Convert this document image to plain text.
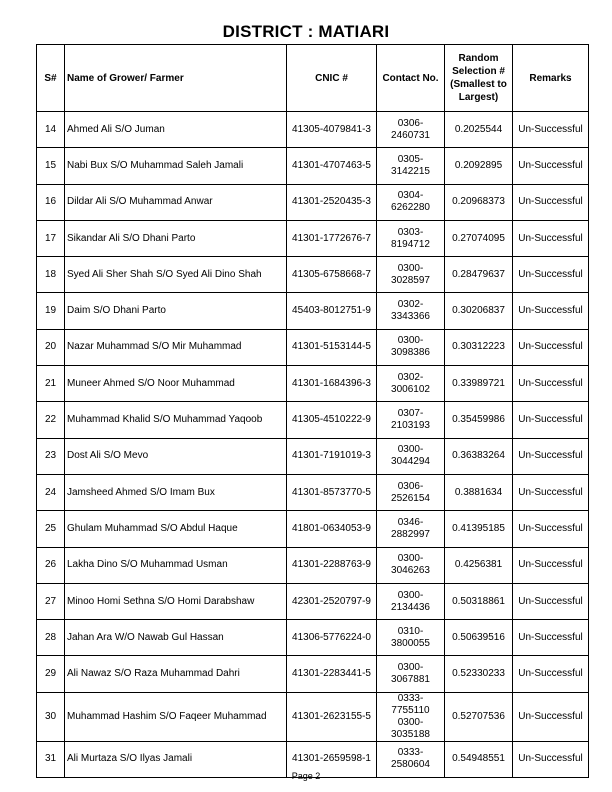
DISTRICT : MATIARI
S#	Name of Grower/ Farmer	CNIC #	Contact No.	Random Selection # (Smallest to Largest)	Remarks
14	Ahmed Ali S/O Juman	41305-4079841-3	0306-2460731	0.2025544	Un-Successful
15	Nabi Bux S/O Muhammad Saleh Jamali	41301-4707463-5	0305-3142215	0.2092895	Un-Successful
16	Dildar Ali S/O Muhammad Anwar	41301-2520435-3	0304-6262280	0.20968373	Un-Successful
17	Sikandar Ali S/O Dhani Parto	41301-1772676-7	0303-8194712	0.27074095	Un-Successful
18	Syed Ali Sher Shah S/O Syed Ali Dino Shah	41305-6758668-7	0300-3028597	0.28479637	Un-Successful
19	Daim S/O Dhani Parto	45403-8012751-9	0302-3343366	0.30206837	Un-Successful
20	Nazar Muhammad S/O Mir Muhammad	41301-5153144-5	0300-3098386	0.30312223	Un-Successful
21	Muneer Ahmed S/O Noor Muhammad	41301-1684396-3	0302-3006102	0.33989721	Un-Successful
22	Muhammad Khalid S/O Muhammad Yaqoob	41305-4510222-9	0307-2103193	0.35459986	Un-Successful
23	Dost Ali S/O Mevo	41301-7191019-3	0300-3044294	0.36383264	Un-Successful
24	Jamsheed Ahmed S/O Imam Bux	41301-8573770-5	0306-2526154	0.3881634	Un-Successful
25	Ghulam Muhammad S/O Abdul Haque	41801-0634053-9	0346-2882997	0.41395185	Un-Successful
26	Lakha Dino S/O Muhammad Usman	41301-2288763-9	0300-3046263	0.4256381	Un-Successful
27	Minoo Homi Sethna S/O Homi Darabshaw	42301-2520797-9	0300-2134436	0.50318861	Un-Successful
28	Jahan Ara W/O Nawab Gul Hassan	41306-5776224-0	0310-3800055	0.50639516	Un-Successful
29	Ali Nawaz S/O Raza Muhammad Dahri	41301-2283441-5	0300-3067881	0.52330233	Un-Successful
30	Muhammad Hashim S/O Faqeer Muhammad	41301-2623155-5	0333-7755110 0300-3035188	0.52707536	Un-Successful
31	Ali Murtaza S/O Ilyas Jamali	41301-2659598-1	0333-2580604	0.54948551	Un-Successful
Page 2
